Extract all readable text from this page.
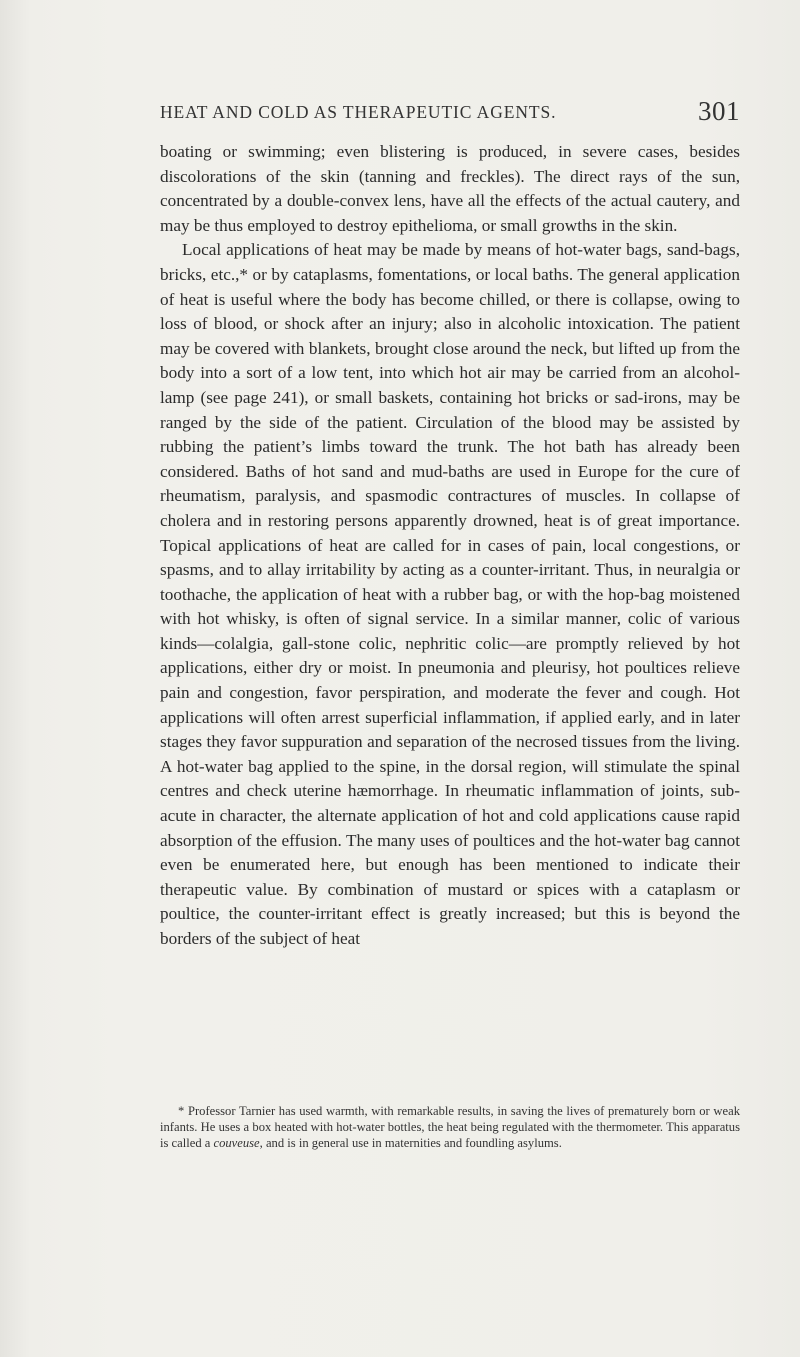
HEAT AND COLD AS THERAPEUTIC AGENTS.	301

boating or swimming; even blistering is produced, in severe cases, besides discolorations of the skin (tanning and freckles). The direct rays of the sun, concentrated by a double-convex lens, have all the effects of the actual cautery, and may be thus employed to destroy epithelioma, or small growths in the skin.

Local applications of heat may be made by means of hot-water bags, sand-bags, bricks, etc.,* or by cataplasms, fomentations, or local baths. The general application of heat is useful where the body has become chilled, or there is collapse, owing to loss of blood, or shock after an injury; also in alcoholic intoxication. The patient may be covered with blankets, brought close around the neck, but lifted up from the body into a sort of a low tent, into which hot air may be carried from an alcohol-lamp (see page 241), or small baskets, containing hot bricks or sad-irons, may be ranged by the side of the patient. Circulation of the blood may be assisted by rubbing the patient’s limbs toward the trunk. The hot bath has already been considered. Baths of hot sand and mud-baths are used in Europe for the cure of rheumatism, paralysis, and spasmodic contractures of muscles. In collapse of cholera and in restoring persons apparently drowned, heat is of great importance. Topical applications of heat are called for in cases of pain, local congestions, or spasms, and to allay irritability by acting as a counter-irritant. Thus, in neuralgia or toothache, the application of heat with a rubber bag, or with the hop-bag moistened with hot whisky, is often of signal service. In a similar manner, colic of various kinds—colalgia, gall-stone colic, nephritic colic—are promptly relieved by hot applications, either dry or moist. In pneumonia and pleurisy, hot poultices relieve pain and congestion, favor perspiration, and moderate the fever and cough. Hot applications will often arrest superficial inflammation, if applied early, and in later stages they favor suppuration and separation of the necrosed tissues from the living. A hot-water bag applied to the spine, in the dorsal region, will stimulate the spinal centres and check uterine hæmorrhage. In rheumatic inflammation of joints, sub-acute in character, the alternate application of hot and cold applications cause rapid absorption of the effusion. The many uses of poultices and the hot-water bag cannot even be enumerated here, but enough has been mentioned to indicate their therapeutic value. By combination of mustard or spices with a cataplasm or poultice, the counter-irritant effect is greatly increased; but this is beyond the borders of the subject of heat

* Professor Tarnier has used warmth, with remarkable results, in saving the lives of prematurely born or weak infants. He uses a box heated with hot-water bottles, the heat being regulated with the thermometer. This apparatus is called a couveuse, and is in general use in maternities and foundling asylums.
